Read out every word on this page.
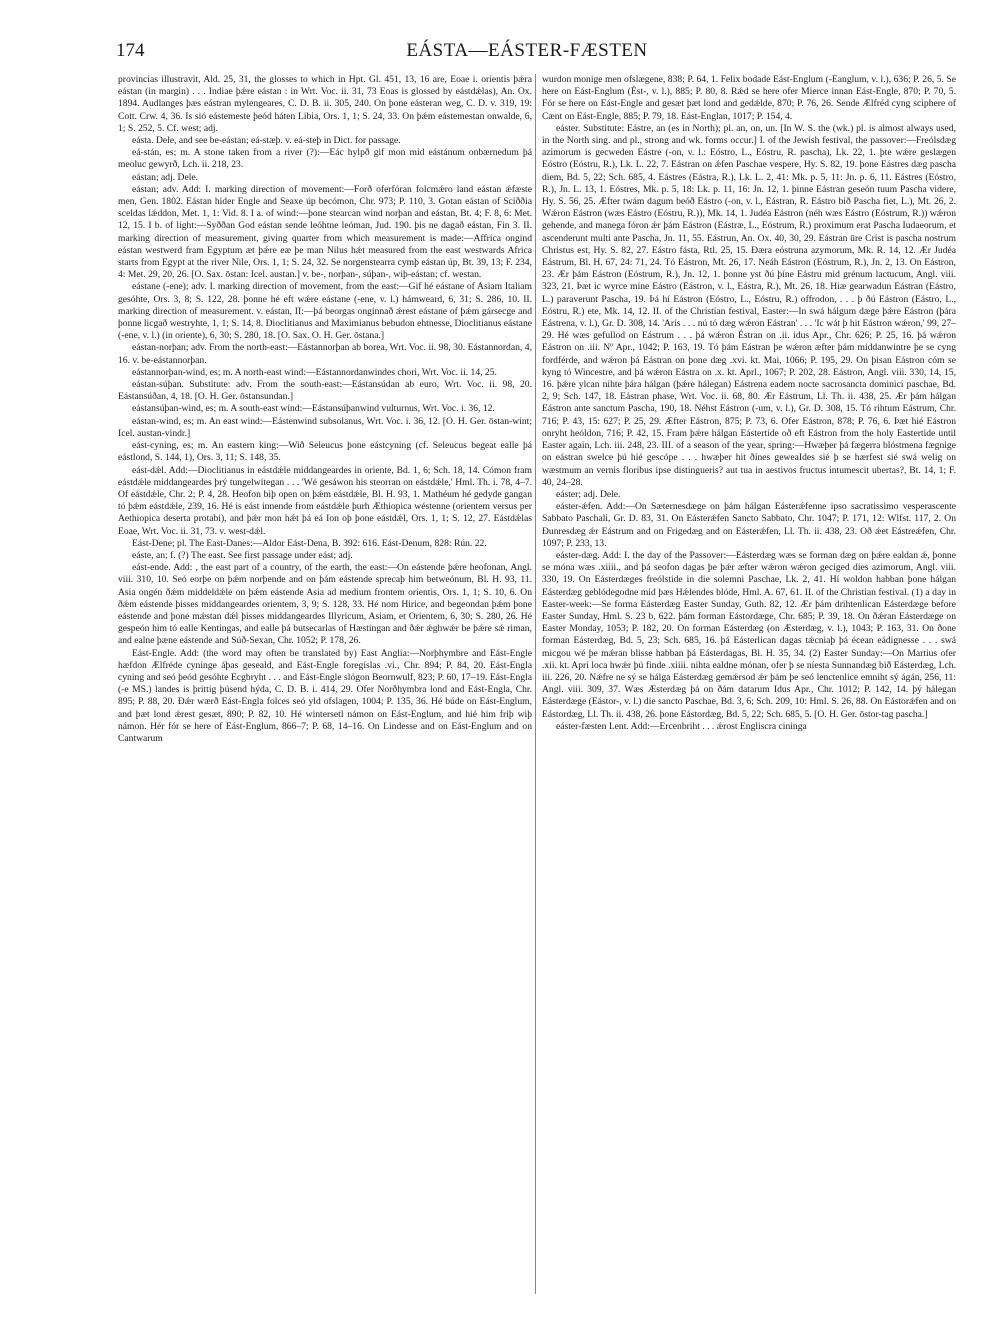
174	EÁSTA—EÁSTER-FÆSTEN

provincias illustravit, Ald. 25, 31, the glosses to which in Hpt. Gl. 451, 13, 16 are, Eoae i. orientis þǽra eástan (in margin) . . . Indiae þǽre eástan : in Wrt. Voc. ii. 31, 73 Eoas is glossed by eástdǽlas), An. Ox. 1894. Audlanges þæs eástran mylengeares, C. D. B. ii. 305, 240. On þone eásteran weg, C. D. v. 319, 19: Cott. Crw. 4, 36. Is sió eástemeste þeód háten Libia, Ors. 1, 1; S. 24, 33. On þǽm eástemestan onwalde, 6, 1; S. 252, 5. Cf. west; adj.

eásta. Dele, and see be-eástan; eá-stæþ. v. eá-steþ in Dict. for passage.

eá-stán, es; m. A stone taken from a river (?):—Eác hylpð gif mon mid eástánum onbærnedum þá meoluc gewyrð, Lch. ii. 218, 23.

eástan; adj. Dele.

eástan; adv. Add: I. marking direction of movement:—Forð oferfóran folcmǽro land eástan ǽfæste men, Gen. 1802. Eástan hider Engle and Seaxe úp becómon, Chr. 973; P. 110, 3. Gotan eástan of Scíððia sceldas lǽddon, Met. 1, 1: Vid. 8. I a. of wind:—þone stearcan wind norþan and eástan, Bt. 4; F. 8, 6: Met. 12, 15. I b. of light:—Syððan God eástan sende leóhtne leóman, Jud. 190. þis ne dagað eástan, Fin 3. II. marking direction of measurement, giving quarter from which measurement is made:—Affrica ongind eástan westwerd fram Egyptum æt þǽre eæ þe man Nilus hǽt measured from the east westwards Africa starts from Egypt at the river Nile, Ors. 1, 1; S. 24, 32. Se norgenstearra cymþ eástan úp, Bt. 39, 13; F. 234, 4: Met. 29, 20, 26. [O. Sax. ōstan: Icel. austan.] v. be-, norþan-, súþan-, wiþ-eástan; cf. westan.

eástane (-ene); adv. I. marking direction of movement, from the east:—Gif hé eástane of Asiam Italiam gesóhte, Ors. 3, 8; S. 122, 28. þonne hé eft wǽre eástane (-ene, v. l.) hámweard, 6, 31; S. 286, 10. II. marking direction of measurement. v. eástan, II:—þá beorgas onginnað ǽrest eástane of þǽm gársecge and þonne licgað westryhte, 1, 1; S. 14, 8. Dioclitianus and Maximianus bebudon ehtnesse, Dioclitianus eástane (-ene, v. l.) (in oriente), 6, 30; S. 280, 18. [O. Sax. O. H. Ger. ōstana.]

eástan-norþan; adv. From the north-east:—Eástannorþan ab borea, Wrt. Voc. ii. 98, 30. Eástannordan, 4, 16. v. be-eástannorþan.

eástannorþan-wind, es; m. A north-east wind:—Eástannordanwindes chori, Wrt. Voc. ii. 14, 25.

eástan-súþan. Substitute: adv. From the south-east:—Eástansúdan ab euro, Wrt. Voc. ii. 98, 20. Eástansúðan, 4, 18. [O. H. Ger. ōstansundan.]

eástansúþan-wind, es; m. A south-east wind:—Eástansúþanwind vulturnus, Wrt. Voc. i. 36, 12.

eástan-wind, es; m. An east wind:—Eástenwind subsolanus, Wrt. Voc. i. 36, 12. [O. H. Ger. ōstan-wint; Icel. austan-vindr.]

eást-cyning, es; m. An eastern king:—Wið Seleucus þone eástcyning (cf. Seleucus begeat ealle þá eástlond, S. 144, 1), Ors. 3, 11; S. 148, 35.

eást-dǽl. Add:—Dioclitianus in eástdǽle middangeardes in oriente, Bd. 1, 6; Sch. 18, 14. Cómon fram eástdǽle middangeardes þrý tungelwítegan . . . 'Wé gesáwon his steorran on eástdǽle,' Hml. Th. i. 78, 4–7. Of eástdǽle, Chr. 2; P. 4, 28. Heofon biþ open on þǽm eástdǽle, Bl. H. 93, 1. Mathéum hé gedyde gangan tó þǽm eástdǽle, 239, 16. Hé is eást innende from eástdǽle þurh Æthiopica wéstenne (orientem versus per Aethiopica deserta protabi), and þǽr mon hǽt þá eá Ion oþ þone eástdǽl, Ors. 1, 1; S. 12, 27. Eástdǽlas Eoae, Wrt. Voc. ii. 31, 73. v. west-dǽl.

Eást-Dene; pl. The East-Danes:—Aldor Eást-Dena, B. 392: 616. Eást-Denum, 828: Rún. 22.

eáste, an; f. (?) The east. See first passage under eást; adj.

eást-ende. Add: , the east part of a country, of the earth, the east:—On eástende þǽre heofonan, Angl. viii. 310, 10. Seó eorþe on þǽm norþende and on þám eástende sprecaþ him betweónum, Bl. H. 93, 11. Asia ongén ðǽm middeldǽle on þǽm eástende Asia ad medium frontem orientis, Ors. 1, 1; S. 10, 6. On ðǽm eástende þisses middangeardes orientem, 3, 9; S. 128, 33. Hé nom Hirice, and begeondan þǽm þone eástende and þone mǽstan dǽl þisses middangeardes Illyricum, Asiam, et Orientem, 6, 30; S. 280, 26. Hé gespeón him tó ealle Kentingas, and ealle þá butsecarlas of Hæstingan and ðǽr ǽghwǽr be þǽre sǽ riman, and ealne þæne eástende and Súð-Sexan, Chr. 1052; P. 178, 26.

Eást-Engle. Add: (the word may often be translated by) East Anglia:—Norþhymbre and Eást-Engle hæfdon Ælfréde cyninge áþas geseald, and Eást-Engle foregíslas .vi., Chr. 894; P. 84, 20. Eást-Engla cyning and seó þeód gesóhte Ecgbryht . . . and Eást-Engle slógon Beornwulf, 823; P. 60, 17–19. Eást-Engla (-e MS.) landes is þrittig þúsend hýda, C. D. B. i. 414, 29. Ofer Norðhymbra lond and Eást-Engla, Chr. 895; P. 88, 20. Ðǽr wærð Eást-Engla folces seó yld ofslagen, 1004; P. 135, 36. Hé búde on Eást-Englum, and þæt lond ǽrest gesæt, 890; P. 82, 10. Hé wintersetl námon on Eást-Englum, and hié him friþ wiþ námon. Hér fór se here of Eást-Englum, 866–7; P. 68, 14–16. On Lindesse and on Eást-Englum and on Cantwarum

wurdon monige men ofslægene, 838; P. 64, 1. Felix bodade Eást-Englum (-Eanglum, v. l.), 636; P. 26, 5. Se here on Eást-Englum (Ést-, v. l.), 885; P. 80, 8. Rǽd se here ofer Mierce innan Eást-Engle, 870; P. 70, 5. Fór se here on Eást-Engle and gesæt þæt lond and gedǽlde, 870; P. 76, 26. Sende Ælfréd cyng sciphere of Cænt on Eást-Engle, 885; P. 79, 18. Eást-Englan, 1017; P. 154, 4.

eáster. Substitute: Eástre, an (es in North); pl. an, on, un. [In W. S. the (wk.) pl. is almost always used, in the North sing. and pl., strong and wk. forms occur.] I. of the Jewish festival, the passover:—Freólsdæg azimorum is gecweden Eástre (-on, v. l.: Eóstro, L., Eóstru, R. pascha), Lk. 22, 1. þte wǽre geslægen Eóstro (Eóstru, R.), Lk. L. 22, 7. Eástran on ǽfen Paschae vespere, Hy. S. 82, 19. þone Eástres dæg pascha diem, Bd. 5, 22; Sch. 685, 4. Eástres (Eástra, R.), Lk. L. 2, 41: Mk. p. 5, 11: Jn. p. 6, 11. Eástres (Eóstro, R.), Jn. L. 13, 1. Eóstres, Mk. p. 5, 18: Lk. p. 11, 16: Jn. 12, 1. þinne Eástran geseón tuum Pascha videre, Hy. S. 56, 25. Æfter twám dagum beóð Eástro (-on, v. l., Eástran, R. Eástro bið Pascha fiet, L.), Mt. 26, 2. Wǽron Eástron (wæs Eástro (Eóstru, R.)), Mk. 14, 1. Judéa Eástron (néh wæs Eástro (Eóstrum, R.)) wǽron gehende, and manega fóron ǽr þám Eástron (Eástræ, L., Eóstrum, R.) proximum erat Pascha Iudaeorum, et ascenderunt multi ante Pascha, Jn. 11, 55. Eástrun, An. Ox. 40, 30, 29. Eástran ūre Críst is pascha nostrum Christus est, Hy. S. 82, 27. Eástro fásta, Rtl. 25, 15. Ðæra eóstruna azymorum, Mk. R. 14, 12. Ær Judéa Eástrum, Bl. H. 67, 24: 71, 24. Tó Eástron, Mt. 26, 17. Neáh Eástron (Eóstrum, R.), Jn. 2, 13. On Eástron, 23. Ær þám Eástron (Eóstrum, R.), Jn. 12, 1. þonne yst ðú þíne Eástru mid grénum lactucum, Angl. viii. 323, 21. Þæt ic wyrce míne Eástro (Eástron, v. l., Eástra, R.), Mt. 26, 18. Hiæ gearwadun Eástran (Eástro, L.) paraverunt Pascha, 19. Þá hí Eástron (Eóstro, L., Eóstru, R.) offrodon, . . . þ ðú Eástron (Eástro, L., Eóstru, R.) ete, Mk. 14, 12. II. of the Christian festival, Easter:—In swá hálgum dæge þǽre Eástron (þára Eástrena, v. l.), Gr. D. 308, 14. 'Arís . . . nú tó dæg wǽron Eástran' . . . 'Ic wát þ hit Eástron wǽron,' 99, 27–29. Hé wæs gefullod on Eástrum . . . þá wǽron Éstran on .ii. idus Apr., Chr. 626; P. 25, 16. þá wǽron Eástron on .iii. Nº Apr., 1042; P. 163, 19. Tó þám Eástran þe wǽron æfter þám middanwintre þe se cyng fordférde, and wǽron þá Eástran on þone dæg .xvi. kt. Mai, 1066; P. 195, 29. On þisan Eástron cóm se kyng tó Wincestre, and þá wǽron Eástra on .x. kt. Aprl., 1067; P. 202, 28. Eástron, Angl. viii. 330, 14, 15, 16. þǽre ylcan nihte þára hálgan (þǽre hálegan) Eástrena eadem nocte sacrosancta dominici paschae, Bd. 2, 9; Sch. 147, 18. Eástran phase, Wrt. Voc. ii. 68, 80. Ær Eástrum, Ll. Th. ii. 438, 25. Ær þám hálgan Eástron ante sanctum Pascha, 190, 18. Néhst Eástron (-um, v. l.), Gr. D. 308, 15. Tó rihtum Eástrum, Chr. 716; P. 43, 15: 627; P. 25, 29. Æfter Eástron, 875; P. 73, 6. Ofer Eástron, 878; P. 76, 6. Þæt hié Eástron onryht heóldon, 716; P. 42, 15. Fram þǽre hálgan Eástertíde oð eft Eástron from the holy Eastertide until Easter again, Lch. iii. 248, 23. III. of a season of the year, spring:—Hwæþer þá fægerra blóstmena fægnige on eástran swelce þú hié gescópe . . . hwæþer hit ðínes geweaIdes sié þ se hærfest sié swá welig on wæstmum an vernis floribus ipse distingueris? aut tua in aestivos fructus intumescit ubertas?, Bt. 14, 1; F. 40, 24–28.

eáster; adj. Dele.

eáster-ǽfen. Add:—On Sæternesdæge on þám hálgan Eásterǽfenne ipso sacratissimo vesperascente Sabbato Paschali, Gr. D. 83, 31. On Eásterǽfen Sancto Sabbato, Chr. 1047; P. 171, 12: Wlfst. 117, 2. On Đunresdæg ǽr Eástrum and on Frigedæg and on Eásterǽfen, Ll. Th. ii. 438, 23. Oð ǽet Eástreǽfen, Chr. 1097; P. 233, 13.

eáster-dæg. Add: I. the day of the Passover:—Eásterdæg wæs se forman dæg on þǽre ealdan ǽ, þonne se móna wæs .xiiii., and þá seofon dagas þe þǽr æfter wǽron wǽron geciged dies azimorum, Angl. viii. 330, 19. On Eásterdæges freólstíde in die solemni Paschae, Lk. 2, 41. Hí woldon habban þone hálgan Eásterdæg geblódegodne mid þæs Hǽlendes blóde, Hml. A. 67, 61. II. of the Christian festival. (1) a day in Easter-week:—Se forma Eásterdæg Easter Sunday, Guth. 82, 12. Ær þám drihtenlican Eásterdæge before Easter Sunday, Hml. S. 23 b, 622. þám forman Eástordæge, Chr. 685; P. 39, 18. On ðǽran Eásterdæge on Easter Monday, 1053; P. 182, 20. On forman Eásterdæg (on Æsterdæg, v. l.), 1043; P. 163, 31. On ðone forman Eásterdæg, Bd. 5, 23; Sch. 685, 16. þá Eásterlican dagas tǽcniaþ þá écean eádignesse . . . swá micgou wé þe mǽran blisse habban þá Eásterdagas, Bl. H. 35, 34. (2) Easter Sunday:—On Martius ofer .xii. kt. Apri loca hwǽr þú finde .xiiii. nihta ealdne mónan, ofer þ se níesta Sunnandæg bið Eásterdæg, Lch. iii. 226, 20. Nǽfre ne sý se hálga Eásterdæg gemǽrsod ǽr þám þe seó lenctenlice emniht sý ágán, 256, 11: Angl. viii. 309, 37. Wæs Æsterdæg þá on ðám datarum Idus Apr., Chr. 1012; P. 142, 14. þý hálegan Eásterdæge (Eástor-, v. l.) die sancto Paschae, Bd. 3, 6; Sch. 209, 10: Hml. S. 26, 88. On Eástorǽfen and on Eástordæg, Ll. Th. ii. 438, 26. þone Eástordæg, Bd. 5, 22; Sch. 685, 5. [O. H. Ger. ōstor-tag pascha.]

eáster-fæsten Lent. Add:—Ercenbriht . . . ǽrost Engliscra cininga
